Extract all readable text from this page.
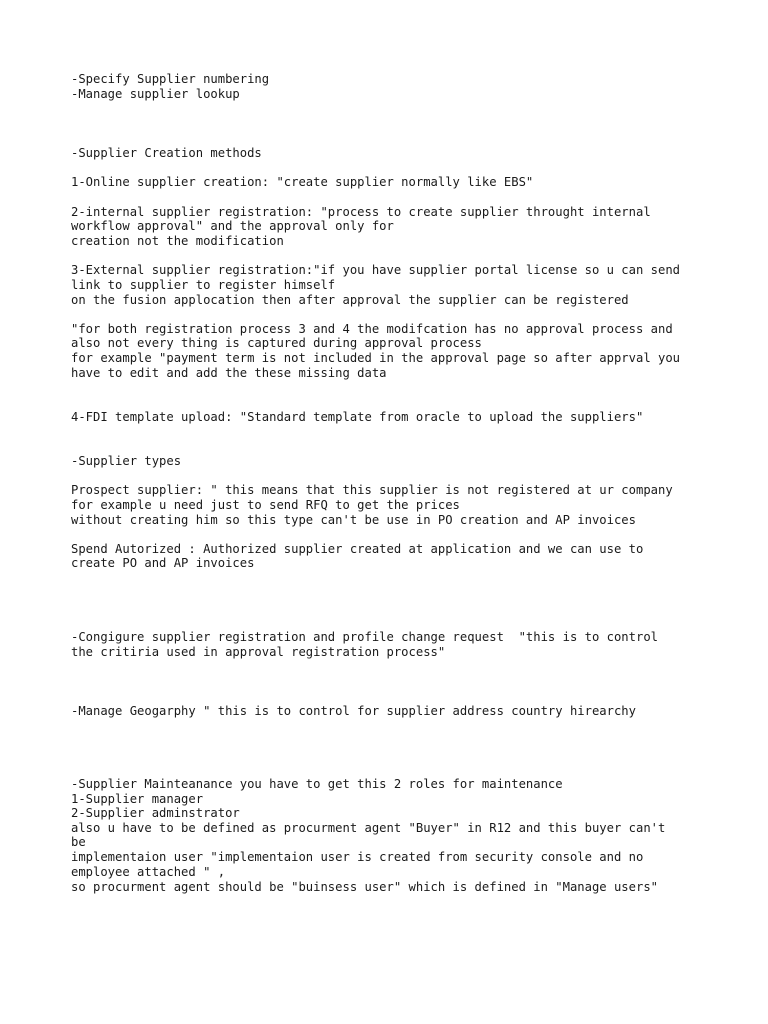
-Specify Supplier numbering

-Manage supplier lookup

-Supplier Creation methods

1-Online supplier creation: "create supplier normally like EBS"

2-internal supplier registration: "process to create supplier throught internal

workflow approval" and the approval only for

creation not the modification

3-External supplier registration:"if you have supplier portal license so u can send

link to supplier to register himself

on the fusion applocation then after approval the supplier can be registered

"for both registration process 3 and 4 the modifcation has no approval process and

also not every thing is captured during approval process

for example "payment term is not included in the approval page so after apprval you

have to edit and add the these missing data

4-FDI template upload: "Standard template from oracle to upload the suppliers"

-Supplier types

Prospect supplier: " this means that this supplier is not registered at ur company

for example u need just to send RFQ to get the prices

without creating him so this type can't be use in PO creation and AP invoices

Spend Autorized : Authorized supplier created at application and we can use to

create PO and AP invoices

-Congigure supplier registration and profile change request  "this is to control

the critiria used in approval registration process"

-Manage Geogarphy " this is to control for supplier address country hirearchy

-Supplier Mainteanance you have to get this 2 roles for maintenance

1-Supplier manager

2-Supplier adminstrator

also u have to be defined as procurment agent "Buyer" in R12 and this buyer can't

be

implementaion user "implementaion user is created from security console and no

employee attached " ,

so procurment agent should be "buinsess user" which is defined in "Manage users"
